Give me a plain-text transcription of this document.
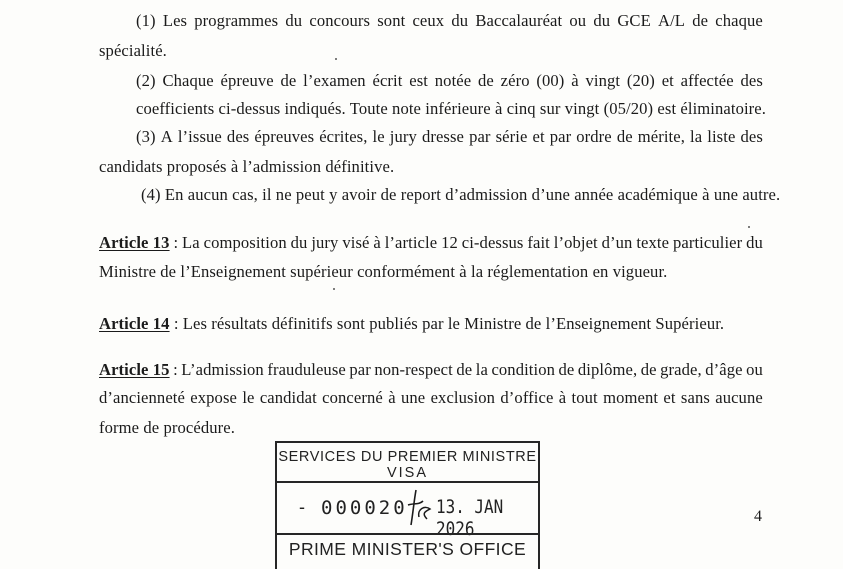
(1) Les programmes du concours sont ceux du Baccalauréat ou du GCE A/L de chaque
spécialité.
(2) Chaque épreuve de l’examen écrit est notée de zéro (00) à vingt (20) et affectée des
coefficients ci-dessus indiqués. Toute note inférieure à cinq sur vingt (05/20) est éliminatoire.
(3) A l’issue des épreuves écrites, le jury dresse par série et par ordre de mérite, la liste des
candidats proposés à l’admission définitive.
(4) En aucun cas, il ne peut y avoir de report d’admission d’une année académique à une autre.
Article 13 : La composition du jury visé à l’article 12 ci-dessus fait l’objet d’un texte particulier du
Ministre de l’Enseignement supérieur conformément à la réglementation en vigueur.
Article 14 : Les résultats définitifs sont publiés par le Ministre de l’Enseignement Supérieur.
Article 15 : L’admission frauduleuse par non-respect de la condition de diplôme, de grade, d’âge ou
d’ancienneté expose le candidat concerné à une exclusion d’office à tout moment et sans aucune
forme de procédure.
4
SERVICES DU PREMIER MINISTRE
VISA
- 000020 13. JAN 2026
PRIME MINISTER'S OFFICE
